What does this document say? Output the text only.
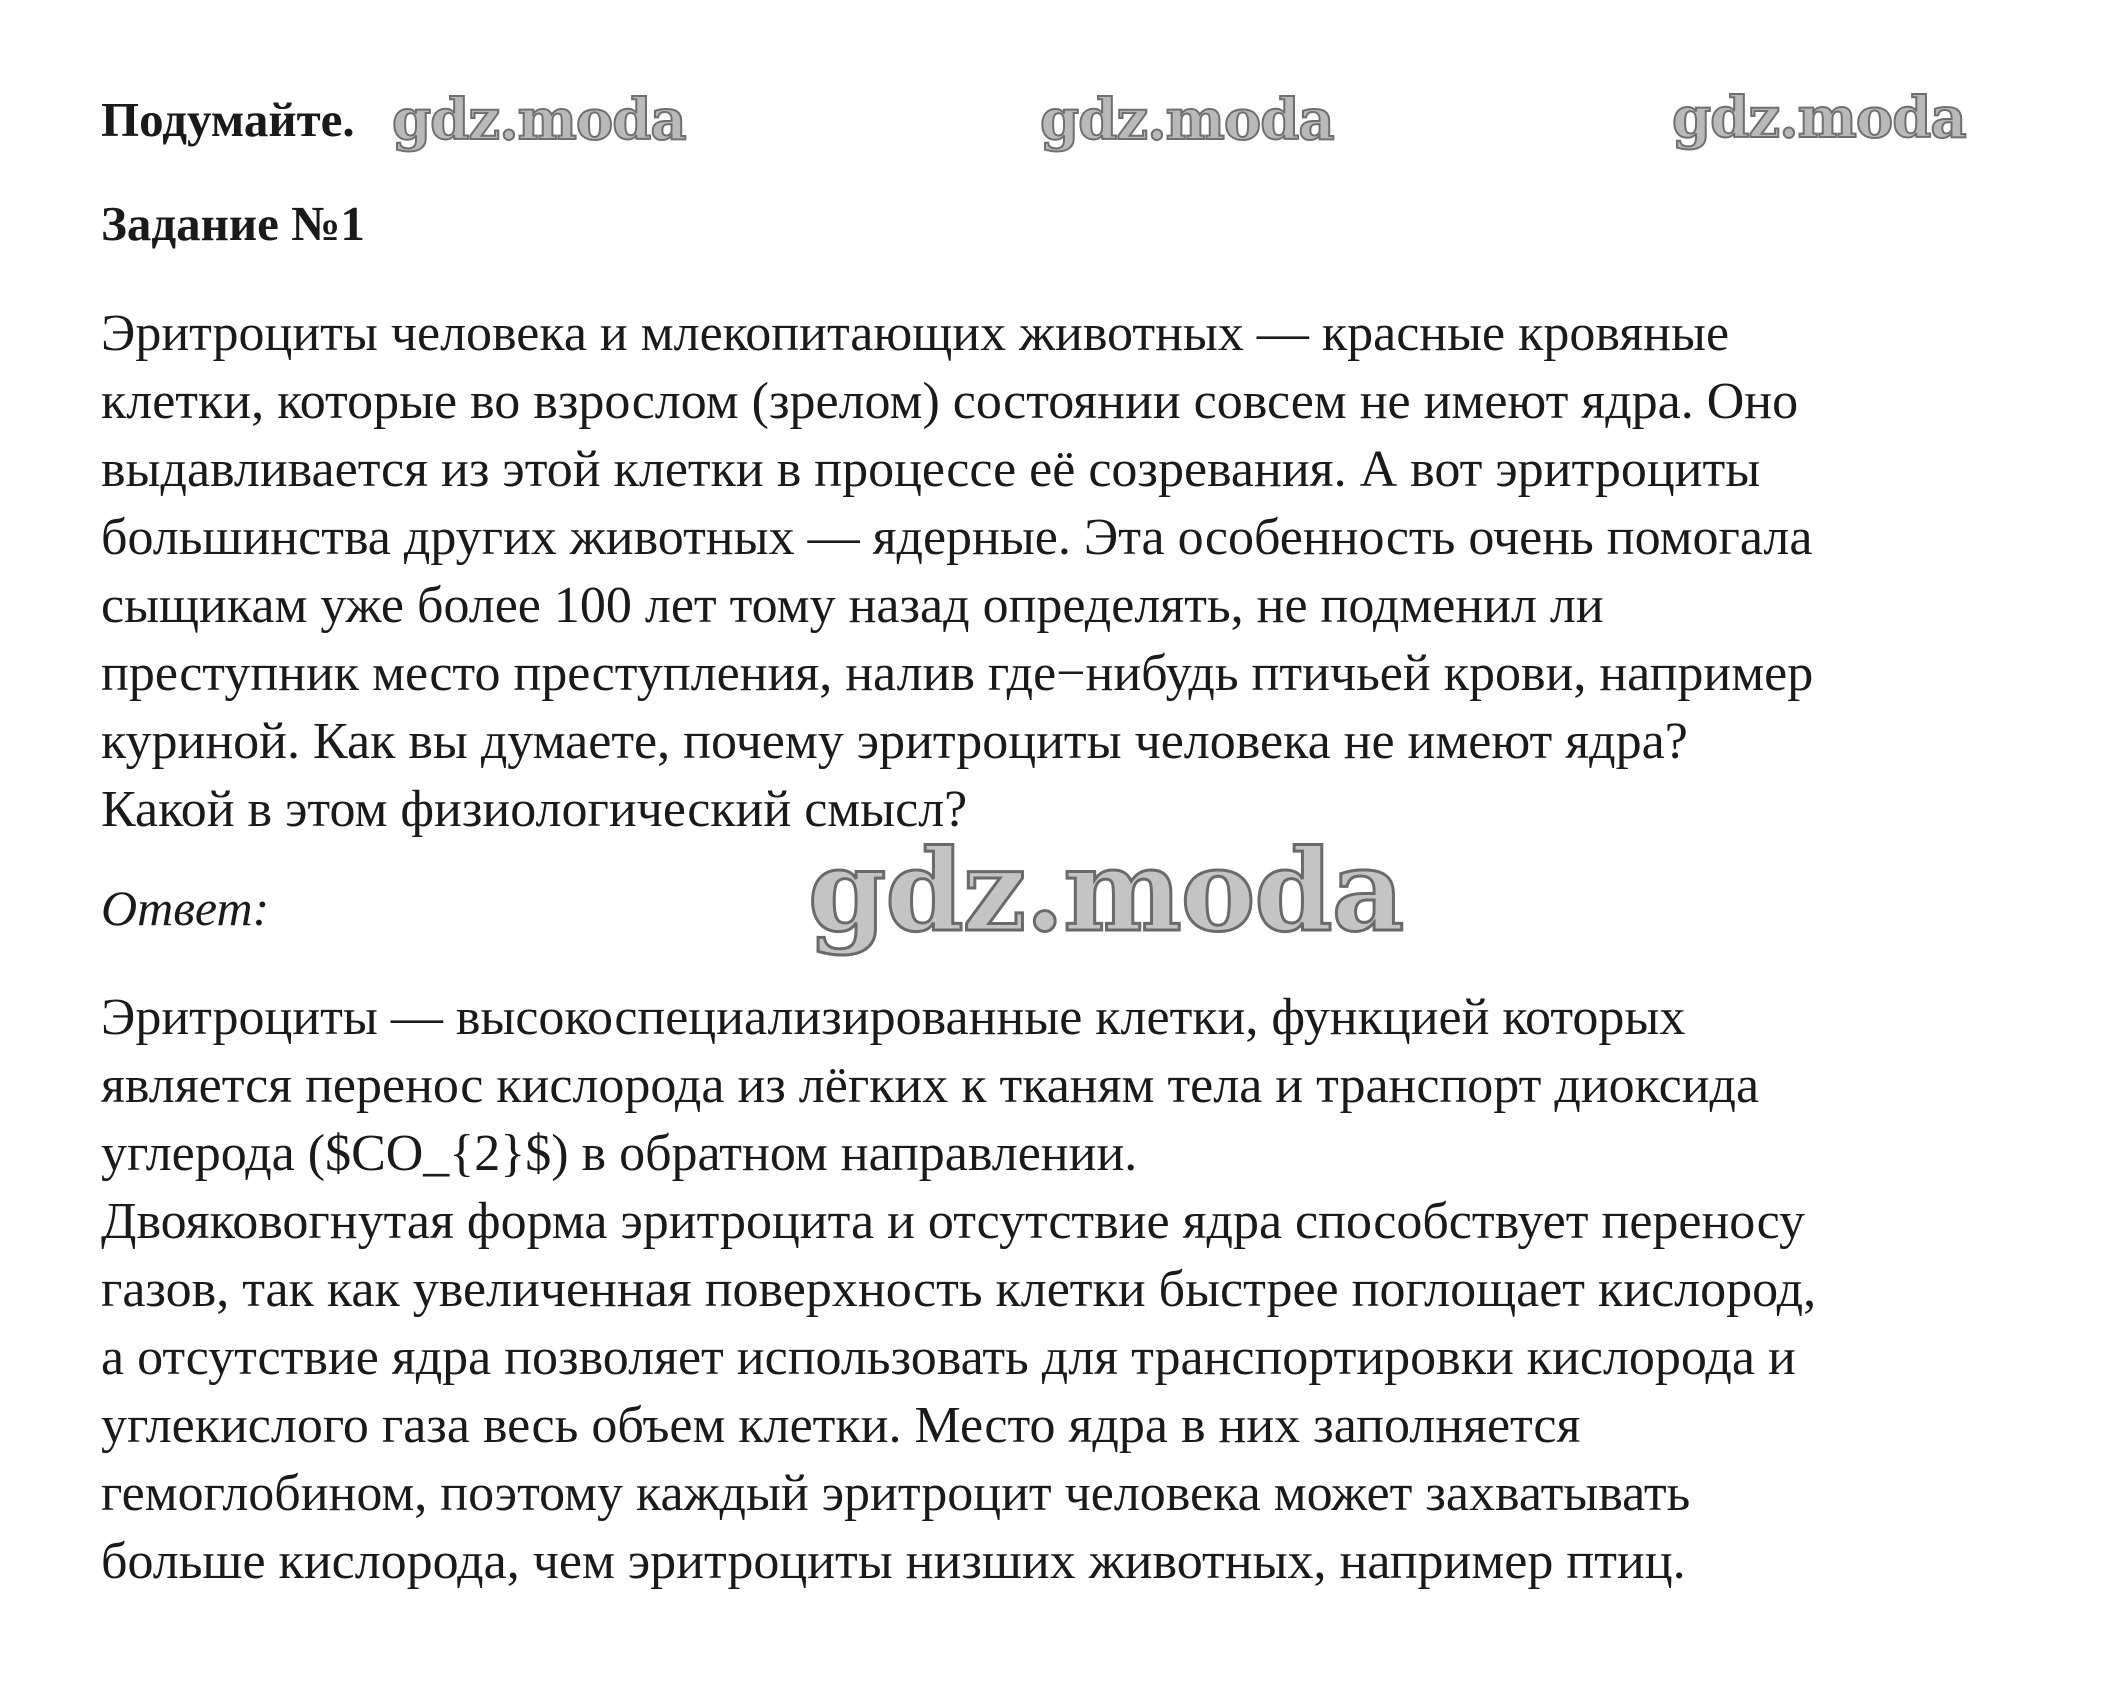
Подумайте.
Задание №1
Эритроциты человека и млекопитающих животных — красные кровяные
клетки, которые во взрослом (зрелом) состоянии совсем не имеют ядра. Оно
выдавливается из этой клетки в процессе её созревания. А вот эритроциты
большинства других животных — ядерные. Эта особенность очень помогала
сыщикам уже более 100 лет тому назад определять, не подменил ли
преступник место преступления, налив где−нибудь птичьей крови, например
куриной. Как вы думаете, почему эритроциты человека не имеют ядра?
Какой в этом физиологический смысл?

Ответ:

Эритроциты — высокоспециализированные клетки, функцией которых
является перенос кислорода из лёгких к тканям тела и транспорт диоксида
углерода ($CO_{2}$) в обратном направлении.
Двояковогнутая форма эритроцита и отсутствие ядра способствует переносу
газов, так как увеличенная поверхность клетки быстрее поглощает кислород,
а отсутствие ядра позволяет использовать для транспортировки кислорода и
углекислого газа весь объем клетки. Место ядра в них заполняется
гемоглобином, поэтому каждый эритроцит человека может захватывать
больше кислорода, чем эритроциты низших животных, например птиц.
gdz.moda	gdz.moda	gdz.moda
gdz.moda
